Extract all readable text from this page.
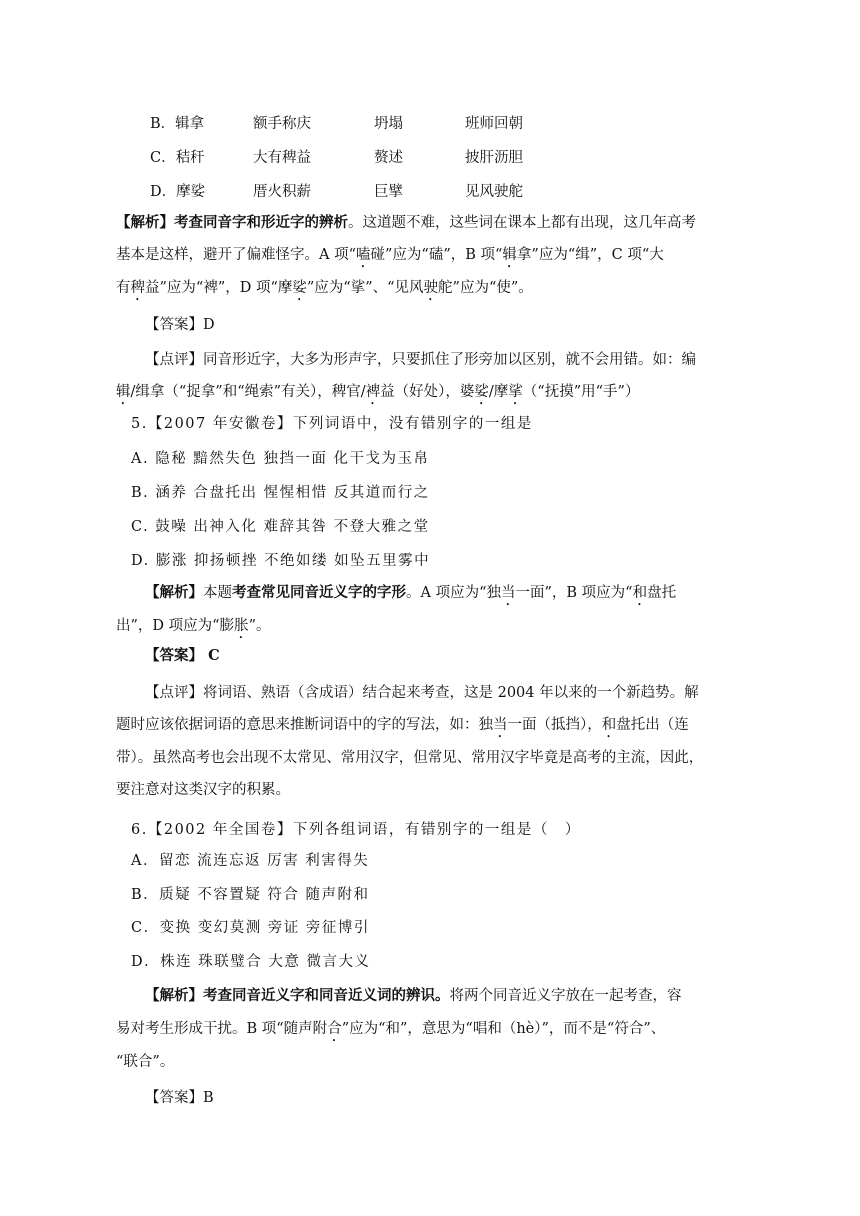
B．辑拿	额手称庆	坍塌	班师回朝
C．秸秆	大有稗益	赘述	披肝沥胆
D．摩娑	厝火积薪	巨擘	见风驶舵
【解析】考查同音字和形近字的辨析。这道题不难，这些词在课本上都有出现，这几年高考
基本是这样，避开了偏难怪字。A 项“嗑碰”应为“磕”，B 项“辑拿”应为“缉”，C 项“大
有稗益”应为“裨”，D 项“摩娑”应为“挲”、“见风驶舵”应为“使”。
【答案】D
【点评】同音形近字，大多为形声字，只要抓住了形旁加以区别，就不会用错。如：编
辑/缉拿（“捉拿”和“绳索”有关），稗官/裨益（好处），婆娑/摩挲（“抚摸”用“手”）
5.【2007 年安徽卷】下列词语中，没有错别字的一组是
A. 隐秘 黯然失色 独挡一面 化干戈为玉帛
B. 涵养 合盘托出 惺惺相惜 反其道而行之
C. 鼓噪 出神入化 难辞其咎 不登大雅之堂
D. 膨涨 抑扬顿挫 不绝如缕 如坠五里雾中
【解析】本题考查常见同音近义字的字形。A 项应为“独当一面”，B 项应为“和盘托
出”，D 项应为“膨胀”。
【答案】 C
【点评】将词语、熟语（含成语）结合起来考查，这是 2004 年以来的一个新趋势。解
题时应该依据词语的意思来推断词语中的字的写法，如：独当一面（抵挡），和盘托出（连
带）。虽然高考也会出现不太常见、常用汉字，但常见、常用汉字毕竟是高考的主流，因此，
要注意对这类汉字的积累。
6.【2002 年全国卷】下列各组词语，有错别字的一组是（　）
A．留恋 流连忘返 厉害 利害得失
B．质疑 不容置疑 符合 随声附和
C．变换 变幻莫测 旁证 旁征博引
D．株连 珠联璧合 大意 微言大义
【解析】考查同音近义字和同音近义词的辨识。将两个同音近义字放在一起考查，容
易对考生形成干扰。B 项“随声附合”应为“和”，意思为“唱和（hè）”，而不是“符合”、
“联合”。
【答案】B
